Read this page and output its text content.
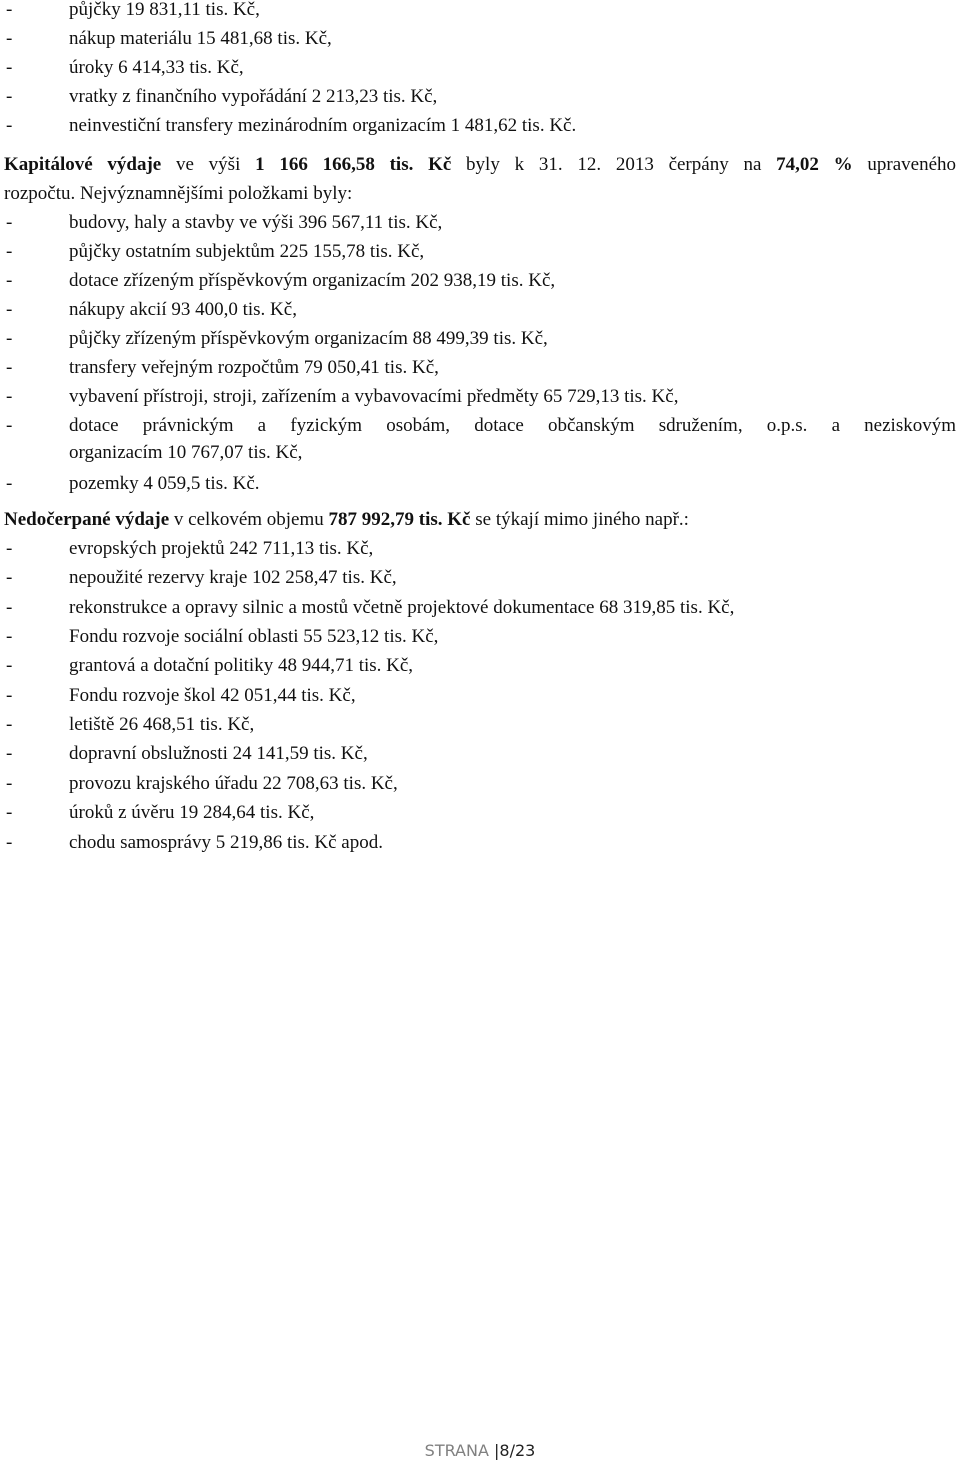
-	půjčky 19 831,11 tis. Kč,
-	nákup materiálu 15 481,68 tis. Kč,
-	úroky 6 414,33 tis. Kč,
-	vratky z finančního vypořádání 2 213,23 tis. Kč,
-	neinvestiční transfery mezinárodním organizacím 1 481,62 tis. Kč.
Kapitálové výdaje ve výši 1 166 166,58 tis. Kč byly k 31. 12. 2013 čerpány na 74,02 % upraveného
rozpočtu. Nejvýznamnějšími položkami byly:
-	budovy, haly a stavby ve výši 396 567,11 tis. Kč,
-	půjčky ostatním subjektům 225 155,78 tis. Kč,
-	dotace zřízeným příspěvkovým organizacím 202 938,19 tis. Kč,
-	nákupy akcií 93 400,0 tis. Kč,
-	půjčky zřízeným příspěvkovým organizacím 88 499,39 tis. Kč,
-	transfery veřejným rozpočtům 79 050,41 tis. Kč,
-	vybavení přístroji, stroji, zařízením a vybavovacími předměty 65 729,13 tis. Kč,
-	dotace právnickým a fyzickým osobám, dotace občanským sdružením, o.p.s. a neziskovým
organizacím 10 767,07 tis. Kč,
-	pozemky 4 059,5 tis. Kč.
Nedočerpané výdaje v celkovém objemu 787 992,79 tis. Kč se týkají mimo jiného např.:
-	evropských projektů 242 711,13 tis. Kč,
-	nepoužité rezervy kraje 102 258,47 tis. Kč,
-	rekonstrukce a opravy silnic a mostů včetně projektové dokumentace 68 319,85 tis. Kč,
-	Fondu rozvoje sociální oblasti 55 523,12 tis. Kč,
-	grantová a dotační politiky 48 944,71 tis. Kč,
-	Fondu rozvoje škol 42 051,44 tis. Kč,
-	letiště 26 468,51 tis. Kč,
-	dopravní obslužnosti 24 141,59 tis. Kč,
-	provozu krajského úřadu 22 708,63 tis. Kč,
-	úroků z úvěru 19 284,64 tis. Kč,
-	chodu samosprávy 5 219,86 tis. Kč apod.
STRANA |8/23
